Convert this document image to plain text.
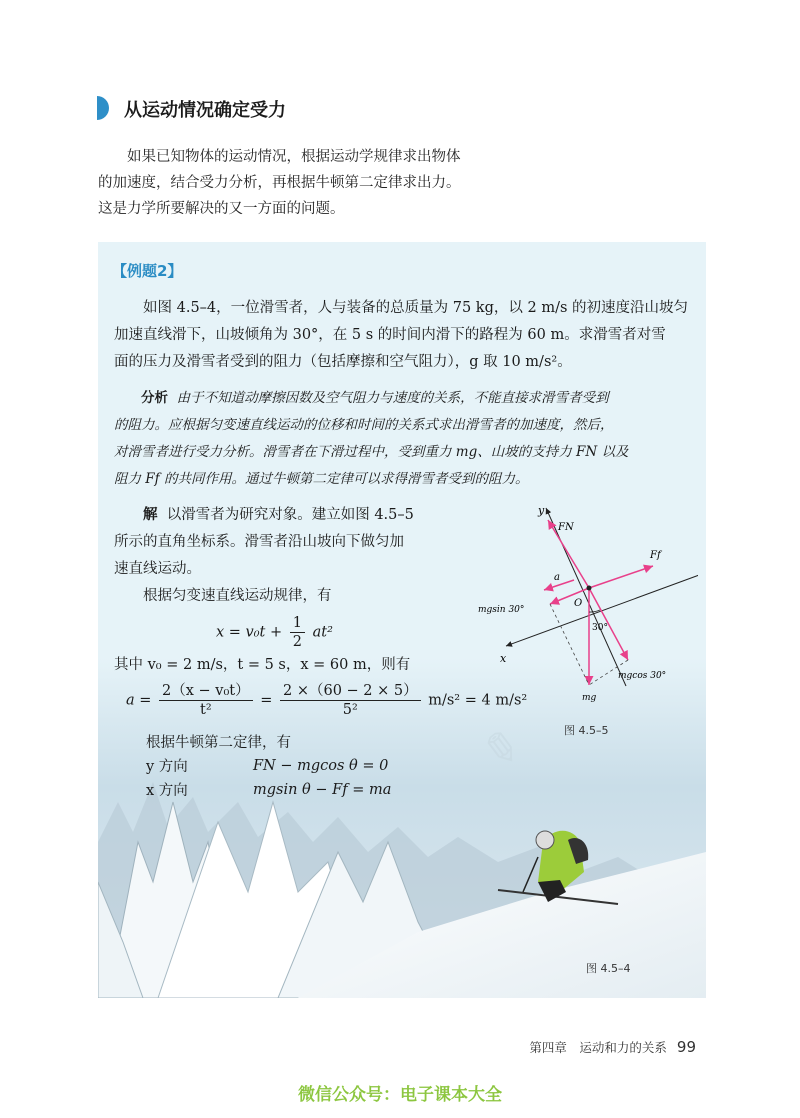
从运动情况确定受力

如果已知物体的运动情况，根据运动学规律求出物体

的加速度，结合受力分析，再根据牛顿第二定律求出力。

这是力学所要解决的又一方面的问题。

✎
【例题2】
如图 4.5–4，一位滑雪者，人与装备的总质量为 75 kg，以 2 m/s 的初速度沿山坡匀
加速直线滑下，山坡倾角为 30°，在 5 s 的时间内滑下的路程为 60 m。求滑雪者对雪
面的压力及滑雪者受到的阻力（包括摩擦和空气阻力），g 取 10 m/s²。
分析 由于不知道动摩擦因数及空气阻力与速度的关系，不能直接求滑雪者受到
的阻力。应根据匀变速直线运动的位移和时间的关系式求出滑雪者的加速度，然后，
对滑雪者进行受力分析。滑雪者在下滑过程中，受到重力 mg、山坡的支持力 FN 以及
阻力 Ff 的共同作用。通过牛顿第二定律可以求得滑雪者受到的阻力。
解 以滑雪者为研究对象。建立如图 4.5–5
所示的直角坐标系。滑雪者沿山坡向下做匀加
速直线运动。
根据匀变速直线运动规律，有
$x = v_0t + \frac{1}{2} at^2$
其中 v₀ = 2 m/s，t = 5 s，x = 60 m，则有
$a = \frac{\text{2（x − v₀t）}}{\text{t²}} = \frac{2 \times(60 - 2 \times 5)}{\text{5²}} m/s^2 = 4$ m/s²
根据牛顿第二定律，有
y 方向	FN − mgcos θ = 0
x 方向	mgsin θ − Ff = ma
y
x
FN
Ff
a
O
30°
mgsin 30°
mgcos 30°
mg
图 4.5–5
图 4.5–4
第四章　运动和力的关系 99
微信公众号：电子课本大全
